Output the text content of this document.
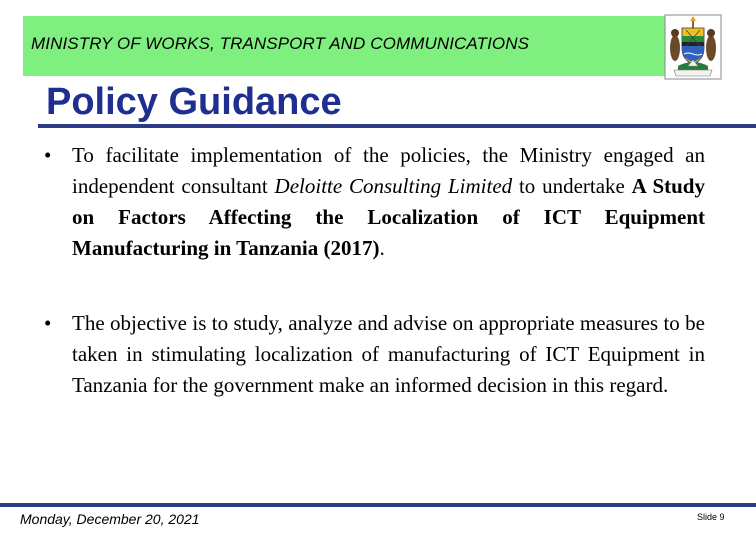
MINISTRY OF WORKS, TRANSPORT AND COMMUNICATIONS
Policy Guidance
• To facilitate implementation of the policies, the Ministry engaged an independent consultant Deloitte Consulting Limited to undertake A Study on Factors Affecting the Localization of ICT Equipment Manufacturing in Tanzania (2017).
• The objective is to study, analyze and advise on appropriate measures to be taken in stimulating localization of manufacturing of ICT Equipment in Tanzania for the government make an informed decision in this regard.
Monday, December 20, 2021	Slide 9
